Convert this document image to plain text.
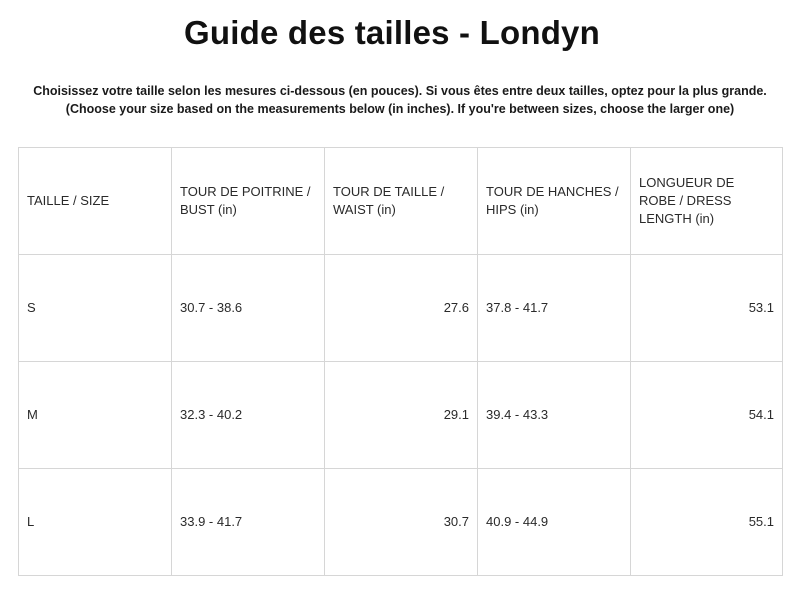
Guide des tailles - Londyn
Choisissez votre taille selon les mesures ci-dessous (en pouces). Si vous êtes entre deux tailles, optez pour la plus grande.
(Choose your size based on the measurements below (in inches). If you're between sizes, choose the larger one)
TAILLE / SIZE	TOUR DE POITRINE / BUST (in)	TOUR DE TAILLE / WAIST (in)	TOUR DE HANCHES / HIPS (in)	LONGUEUR DE ROBE / DRESS LENGTH (in)
S	30.7 - 38.6	27.6	37.8 - 41.7	53.1
M	32.3 - 40.2	29.1	39.4 - 43.3	54.1
L	33.9 - 41.7	30.7	40.9 - 44.9	55.1
